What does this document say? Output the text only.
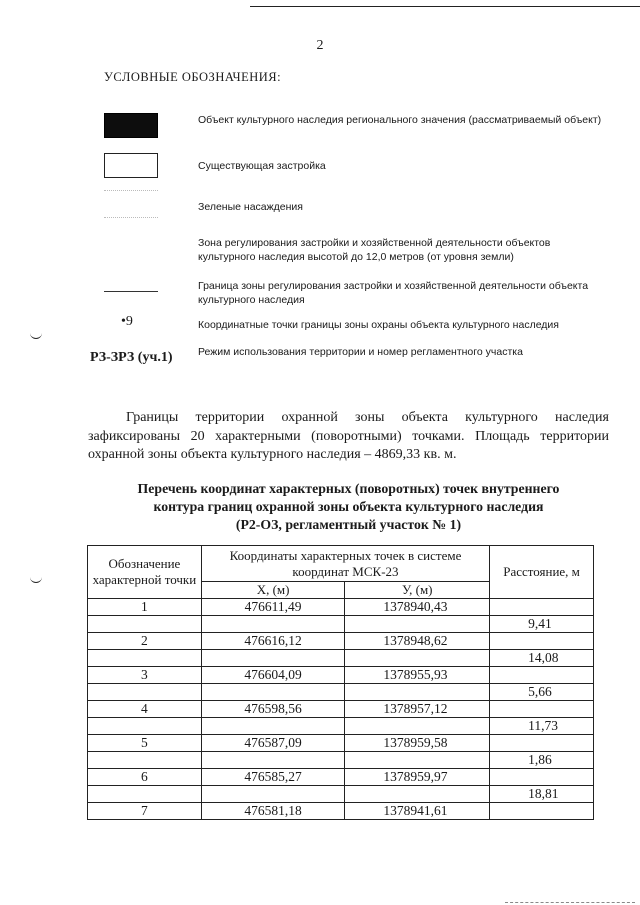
2
УСЛОВНЫЕ ОБОЗНАЧЕНИЯ:
Объект культурного наследия регионального значения (рассматриваемый объект)
Существующая застройка
Зеленые насаждения
Зона регулирования застройки и хозяйственной деятельности объектов культурного наследия высотой до 12,0 метров (от уровня земли)
Граница зоны регулирования застройки и хозяйственной деятельности объекта культурного наследия
•9	Координатные точки границы зоны охраны объекта культурного наследия
РЗ-ЗРЗ (уч.1) Режим использования территории и номер регламентного участка
Границы территории охранной зоны объекта культурного наследия зафиксированы 20 характерными (поворотными) точками. Площадь территории охранной зоны объекта культурного наследия – 4869,33 кв. м.
Перечень координат характерных (поворотных) точек внутреннего
контура границ охранной зоны объекта культурного наследия
(Р2-ОЗ, регламентный участок № 1)
Обозначение характерной точки	Координаты характерных точек в системе координат МСК-23		Расстояние, м
	X, (м)	У, (м)	
1	476611,49	1378940,43	
			9,41
2	476616,12	1378948,62	
			14,08
3	476604,09	1378955,93	
			5,66
4	476598,56	1378957,12	
			11,73
5	476587,09	1378959,58	
			1,86
6	476585,27	1378959,97	
			18,81
7	476581,18	1378941,61	
